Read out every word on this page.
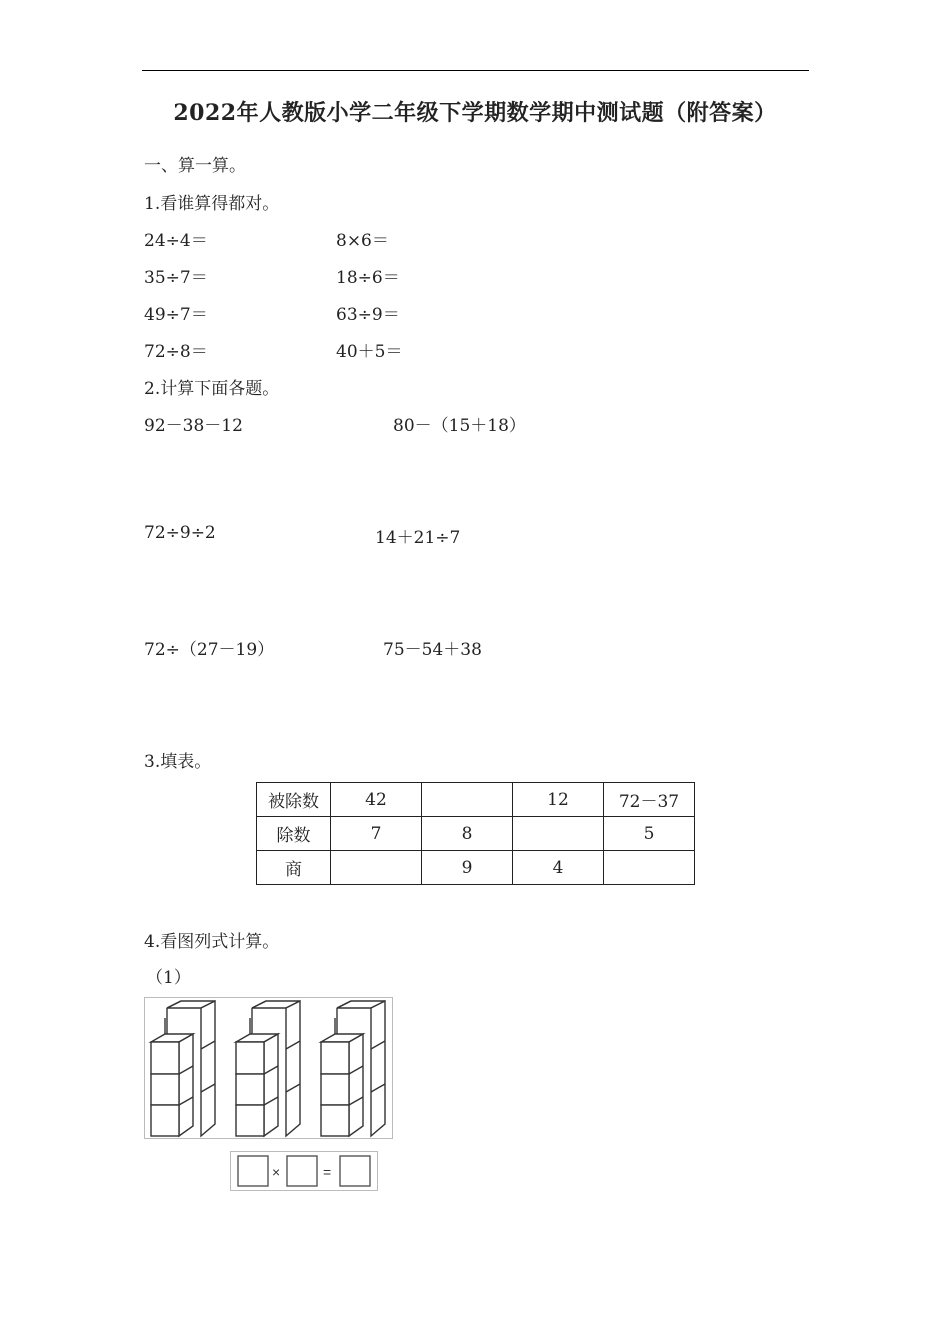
2022年人教版小学二年级下学期数学期中测试题（附答案）
一、算一算。
1.看谁算得都对。
24÷4＝	8×6＝
35÷7＝	18÷6＝
49÷7＝	63÷9＝
72÷8＝	40＋5＝
2.计算下面各题。
92－38－12	80－（15＋18）
72÷9÷2	14＋21÷7
72÷（27－19）	75－54＋38
3.填表。
被除数	42		12	72－37
除数	7	8		5
商		9	4	
4.看图列式计算。
（1）
×	=
